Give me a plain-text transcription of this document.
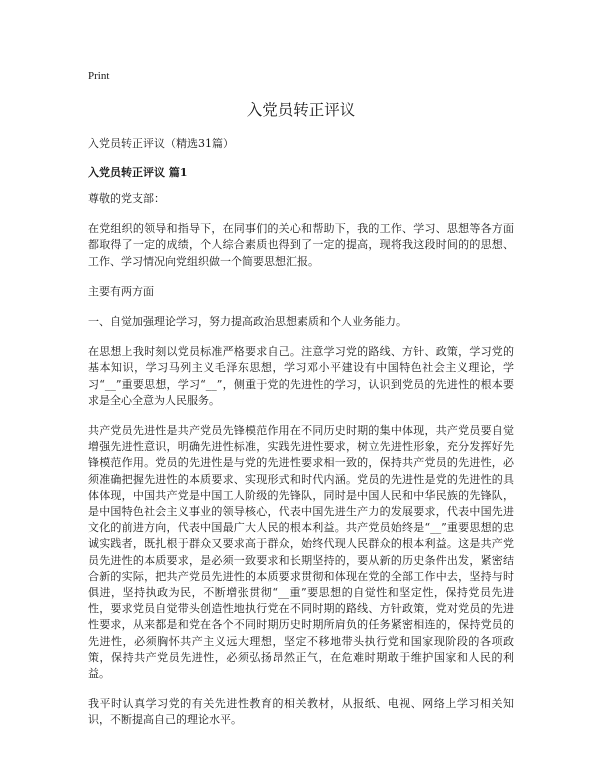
Print
入党员转正评议
入党员转正评议（精选31篇）
入党员转正评议 篇1
尊敬的党支部：
在党组织的领导和指导下，在同事们的关心和帮助下，我的工作、学习、思想等各方面都取得了一定的成绩，个人综合素质也得到了一定的提高，现将我这段时间的的思想、工作、学习情况向党组织做一个简要思想汇报。
主要有两方面
一、自觉加强理论学习，努力提高政治思想素质和个人业务能力。
在思想上我时刻以党员标准严格要求自己。注意学习党的路线、方针、政策，学习党的基本知识，学习马列主义毛泽东思想，学习邓小平建设有中国特色社会主义理论，学习“__”重要思想，学习“__”，侧重于党的先进性的学习，认识到党员的先进性的根本要求是全心全意为人民服务。
共产党员先进性是共产党员先锋模范作用在不同历史时期的集中体现，共产党员要自觉增强先进性意识，明确先进性标准，实践先进性要求，树立先进性形象，充分发挥好先锋模范作用。党员的先进性是与党的先进性要求相一致的，保持共产党员的先进性，必须准确把握先进性的本质要求、实现形式和时代内涵。党员的先进性是党的先进性的具体体现，中国共产党是中国工人阶级的先锋队，同时是中国人民和中华民族的先锋队，是中国特色社会主义事业的领导核心，代表中国先进生产力的发展要求，代表中国先进文化的前进方向，代表中国最广大人民的根本利益。共产党员始终是“__”重要思想的忠诚实践者，既扎根于群众又要求高于群众，始终代现人民群众的根本利益。这是共产党员先进性的本质要求，是必须一致要求和长期坚持的，要从新的历史条件出发，紧密结合新的实际，把共产党员先进性的本质要求贯彻和体现在党的全部工作中去，坚持与时俱进，坚持执政为民，不断增张贯彻“__重”要思想的自觉性和坚定性，保持党员先进性，要求党员自觉带头创造性地执行党在不同时期的路线、方针政策，党对党员的先进性要求，从来都是和党在各个不同时期历史时期所肩负的任务紧密相连的，保持党员的先进性，必须胸怀共产主义远大理想，坚定不移地带头执行党和国家现阶段的各项政策，保持共产党员先进性，必须弘扬昂然正气，在危难时期敢于维护国家和人民的利益。
我平时认真学习党的有关先进性教育的相关教材，从报纸、电视、网络上学习相关知识，不断提高自己的理论水平。
